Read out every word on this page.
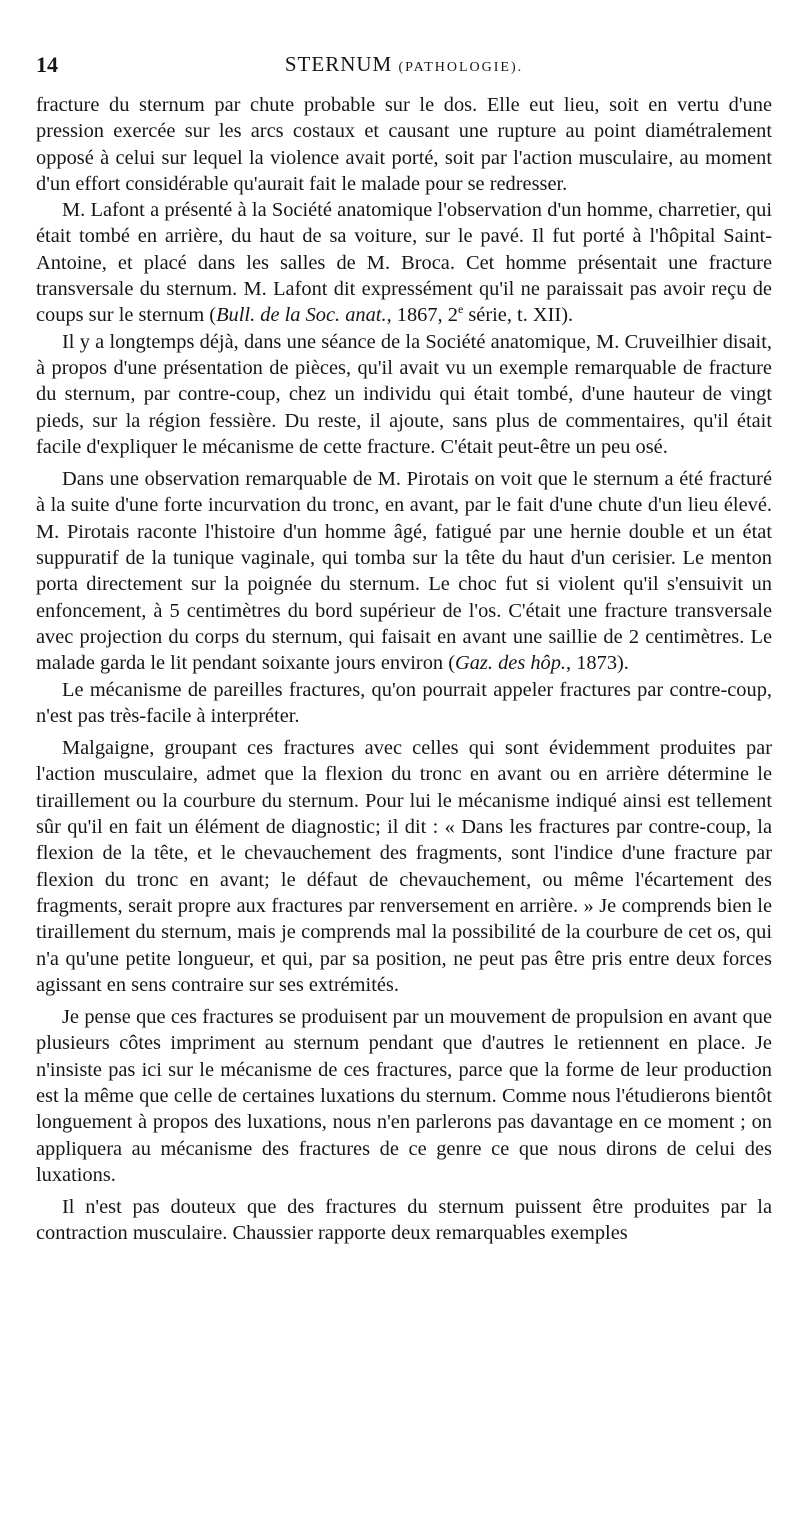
14	STERNUM (PATHOLOGIE).

fracture du sternum par chute probable sur le dos. Elle eut lieu, soit en vertu d'une pression exercée sur les arcs costaux et causant une rupture au point diamétralement opposé à celui sur lequel la violence avait porté, soit par l'action musculaire, au moment d'un effort considérable qu'aurait fait le malade pour se redresser.

M. Lafont a présenté à la Société anatomique l'observation d'un homme, charretier, qui était tombé en arrière, du haut de sa voiture, sur le pavé. Il fut porté à l'hôpital Saint-Antoine, et placé dans les salles de M. Broca. Cet homme présentait une fracture transversale du sternum. M. Lafont dit expressément qu'il ne paraissait pas avoir reçu de coups sur le sternum (Bull. de la Soc. anat., 1867, 2e série, t. XII).

Il y a longtemps déjà, dans une séance de la Société anatomique, M. Cruveilhier disait, à propos d'une présentation de pièces, qu'il avait vu un exemple remarquable de fracture du sternum, par contre-coup, chez un individu qui était tombé, d'une hauteur de vingt pieds, sur la région fessière. Du reste, il ajoute, sans plus de commentaires, qu'il était facile d'expliquer le mécanisme de cette fracture. C'était peut-être un peu osé.

Dans une observation remarquable de M. Pirotais on voit que le sternum a été fracturé à la suite d'une forte incurvation du tronc, en avant, par le fait d'une chute d'un lieu élevé. M. Pirotais raconte l'histoire d'un homme âgé, fatigué par une hernie double et un état suppuratif de la tunique vaginale, qui tomba sur la tête du haut d'un cerisier. Le menton porta directement sur la poignée du sternum. Le choc fut si violent qu'il s'ensuivit un enfoncement, à 5 centimètres du bord supérieur de l'os. C'était une fracture transversale avec projection du corps du sternum, qui faisait en avant une saillie de 2 centimètres. Le malade garda le lit pendant soixante jours environ (Gaz. des hôp., 1873).

Le mécanisme de pareilles fractures, qu'on pourrait appeler fractures par contre-coup, n'est pas très-facile à interpréter.

Malgaigne, groupant ces fractures avec celles qui sont évidemment produites par l'action musculaire, admet que la flexion du tronc en avant ou en arrière détermine le tiraillement ou la courbure du sternum. Pour lui le mécanisme indiqué ainsi est tellement sûr qu'il en fait un élément de diagnostic; il dit : « Dans les fractures par contre-coup, la flexion de la tête, et le chevauchement des fragments, sont l'indice d'une fracture par flexion du tronc en avant; le défaut de chevauchement, ou même l'écartement des fragments, serait propre aux fractures par renversement en arrière. » Je comprends bien le tiraillement du sternum, mais je comprends mal la possibilité de la courbure de cet os, qui n'a qu'une petite longueur, et qui, par sa position, ne peut pas être pris entre deux forces agissant en sens contraire sur ses extrémités.

Je pense que ces fractures se produisent par un mouvement de propulsion en avant que plusieurs côtes impriment au sternum pendant que d'autres le retiennent en place. Je n'insiste pas ici sur le mécanisme de ces fractures, parce que la forme de leur production est la même que celle de certaines luxations du sternum. Comme nous l'étudierons bientôt longuement à propos des luxations, nous n'en parlerons pas davantage en ce moment ; on appliquera au mécanisme des fractures de ce genre ce que nous dirons de celui des luxations.

Il n'est pas douteux que des fractures du sternum puissent être produites par la contraction musculaire. Chaussier rapporte deux remarquables exemples
